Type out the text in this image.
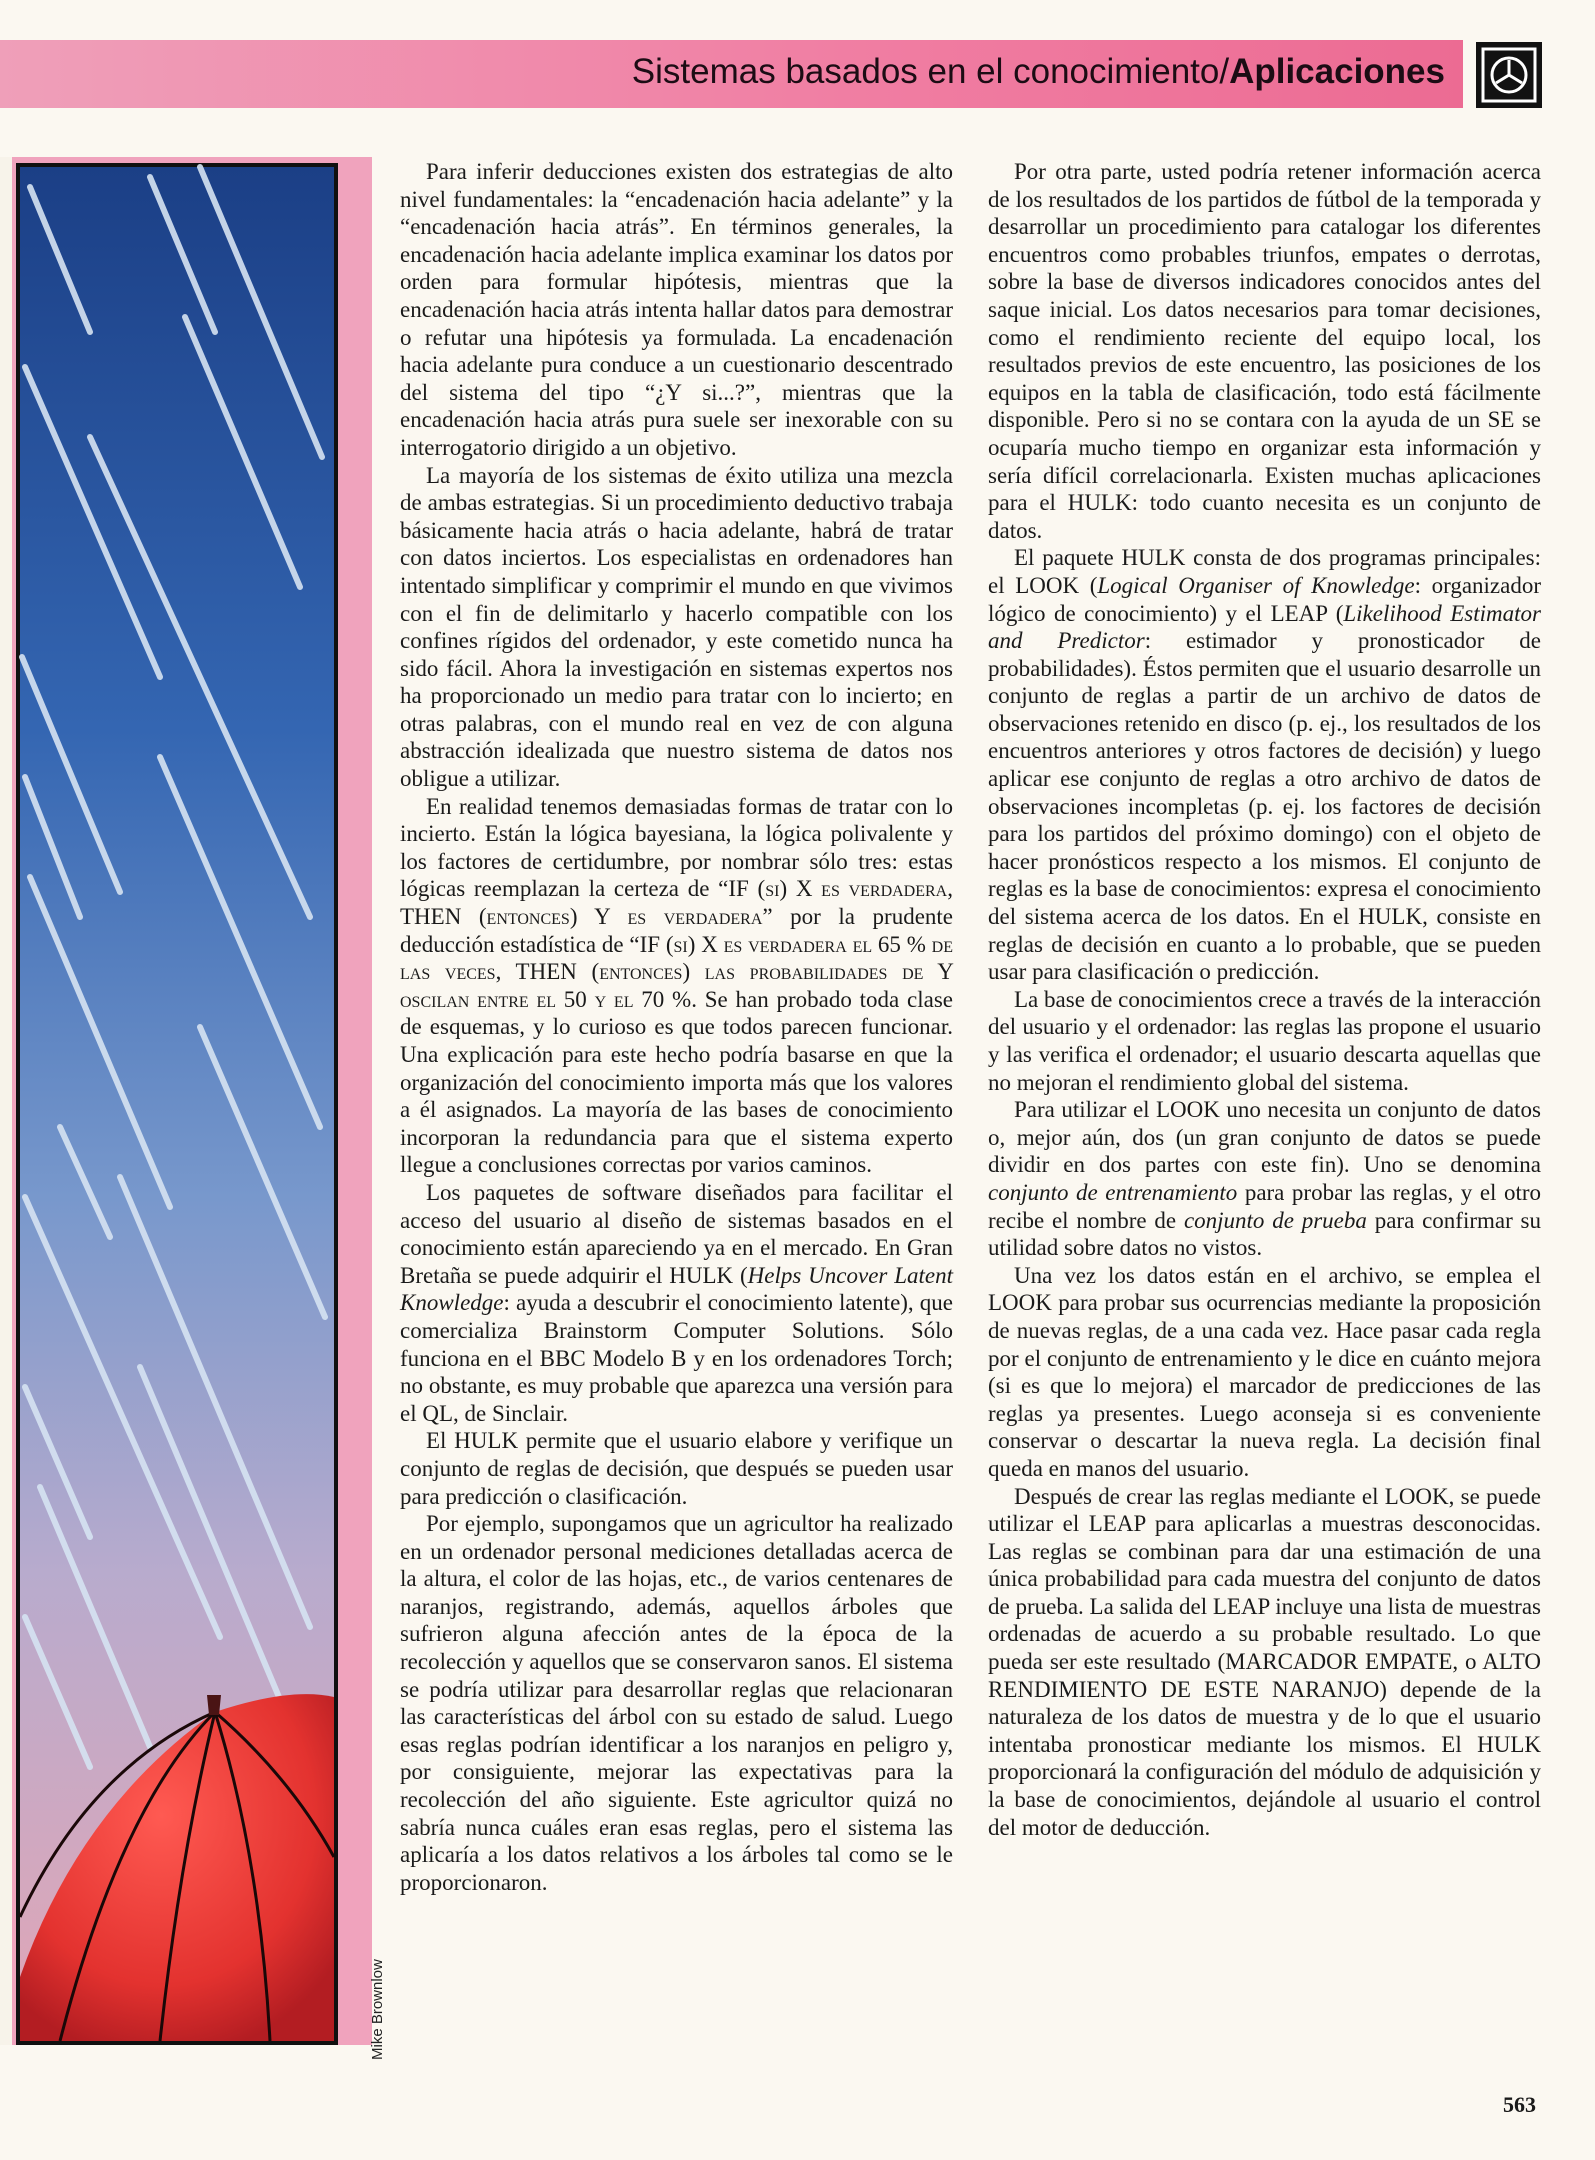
Sistemas basados en el conocimiento/Aplicaciones
Mike Brownlow

Para inferir deducciones existen dos estrategias de alto nivel fundamentales: la “encadenación hacia adelante” y la “encadenación hacia atrás”. En términos generales, la encadenación hacia adelante implica examinar los datos por orden para formular hipótesis, mientras que la encadenación hacia atrás intenta hallar datos para demostrar o refutar una hipótesis ya formulada. La encadenación hacia adelante pura conduce a un cuestionario descentrado del sistema del tipo “¿Y si...?”, mientras que la encadenación hacia atrás pura suele ser inexorable con su interrogatorio dirigido a un objetivo.

La mayoría de los sistemas de éxito utiliza una mezcla de ambas estrategias. Si un procedimiento deductivo trabaja básicamente hacia atrás o hacia adelante, habrá de tratar con datos inciertos. Los especialistas en ordenadores han intentado simplificar y comprimir el mundo en que vivimos con el fin de delimitarlo y hacerlo compatible con los confines rígidos del ordenador, y este cometido nunca ha sido fácil. Ahora la investigación en sistemas expertos nos ha proporcionado un medio para tratar con lo incierto; en otras palabras, con el mundo real en vez de con alguna abstracción idealizada que nuestro sistema de datos nos obligue a utilizar.

En realidad tenemos demasiadas formas de tratar con lo incierto. Están la lógica bayesiana, la lógica polivalente y los factores de certidumbre, por nombrar sólo tres: estas lógicas reemplazan la certeza de “IF (si) X es verdadera, THEN (entonces) Y es verdadera” por la prudente deducción estadística de “IF (si) X es verdadera el 65 % de las veces, THEN (entonces) las probabilidades de Y oscilan entre el 50 y el 70 %. Se han probado toda clase de esquemas, y lo curioso es que todos parecen funcionar. Una explicación para este hecho podría basarse en que la organización del conocimiento importa más que los valores a él asignados. La mayoría de las bases de conocimiento incorporan la redundancia para que el sistema experto llegue a conclusiones correctas por varios caminos.

Los paquetes de software diseñados para facilitar el acceso del usuario al diseño de sistemas basados en el conocimiento están apareciendo ya en el mercado. En Gran Bretaña se puede adquirir el HULK (Helps Uncover Latent Knowledge: ayuda a descubrir el conocimiento latente), que comercializa Brainstorm Computer Solutions. Sólo funciona en el BBC Modelo B y en los ordenadores Torch; no obstante, es muy probable que aparezca una versión para el QL, de Sinclair.

El HULK permite que el usuario elabore y verifique un conjunto de reglas de decisión, que después se pueden usar para predicción o clasificación.

Por ejemplo, supongamos que un agricultor ha realizado en un ordenador personal mediciones detalladas acerca de la altura, el color de las hojas, etc., de varios centenares de naranjos, registrando, además, aquellos árboles que sufrieron alguna afección antes de la época de la recolección y aquellos que se conservaron sanos. El sistema se podría utilizar para desarrollar reglas que relacionaran las características del árbol con su estado de salud. Luego esas reglas podrían identificar a los naranjos en peligro y, por consiguiente, mejorar las expectativas para la recolección del año siguiente. Este agricultor quizá no sabría nunca cuáles eran esas reglas, pero el sistema las aplicaría a los datos relativos a los árboles tal como se le proporcionaron.

Por otra parte, usted podría retener información acerca de los resultados de los partidos de fútbol de la temporada y desarrollar un procedimiento para catalogar los diferentes encuentros como probables triunfos, empates o derrotas, sobre la base de diversos indicadores conocidos antes del saque inicial. Los datos necesarios para tomar decisiones, como el rendimiento reciente del equipo local, los resultados previos de este encuentro, las posiciones de los equipos en la tabla de clasificación, todo está fácilmente disponible. Pero si no se contara con la ayuda de un SE se ocuparía mucho tiempo en organizar esta información y sería difícil correlacionarla. Existen muchas aplicaciones para el HULK: todo cuanto necesita es un conjunto de datos.

El paquete HULK consta de dos programas principales: el LOOK (Logical Organiser of Knowledge: organizador lógico de conocimiento) y el LEAP (Likelihood Estimator and Predictor: estimador y pronosticador de probabilidades). Éstos permiten que el usuario desarrolle un conjunto de reglas a partir de un archivo de datos de observaciones retenido en disco (p. ej., los resultados de los encuentros anteriores y otros factores de decisión) y luego aplicar ese conjunto de reglas a otro archivo de datos de observaciones incompletas (p. ej. los factores de decisión para los partidos del próximo domingo) con el objeto de hacer pronósticos respecto a los mismos. El conjunto de reglas es la base de conocimientos: expresa el conocimiento del sistema acerca de los datos. En el HULK, consiste en reglas de decisión en cuanto a lo probable, que se pueden usar para clasificación o predicción.

La base de conocimientos crece a través de la interacción del usuario y el ordenador: las reglas las propone el usuario y las verifica el ordenador; el usuario descarta aquellas que no mejoran el rendimiento global del sistema.

Para utilizar el LOOK uno necesita un conjunto de datos o, mejor aún, dos (un gran conjunto de datos se puede dividir en dos partes con este fin). Uno se denomina conjunto de entrenamiento para probar las reglas, y el otro recibe el nombre de conjunto de prueba para confirmar su utilidad sobre datos no vistos.

Una vez los datos están en el archivo, se emplea el LOOK para probar sus ocurrencias mediante la proposición de nuevas reglas, de a una cada vez. Hace pasar cada regla por el conjunto de entrenamiento y le dice en cuánto mejora (si es que lo mejora) el marcador de predicciones de las reglas ya presentes. Luego aconseja si es conveniente conservar o descartar la nueva regla. La decisión final queda en manos del usuario.

Después de crear las reglas mediante el LOOK, se puede utilizar el LEAP para aplicarlas a muestras desconocidas. Las reglas se combinan para dar una estimación de una única probabilidad para cada muestra del conjunto de datos de prueba. La salida del LEAP incluye una lista de muestras ordenadas de acuerdo a su probable resultado. Lo que pueda ser este resultado (MARCADOR EMPATE, o ALTO RENDIMIENTO DE ESTE NARANJO) depende de la naturaleza de los datos de muestra y de lo que el usuario intentaba pronosticar mediante los mismos. El HULK proporcionará la configuración del módulo de adquisición y la base de conocimientos, dejándole al usuario el control del motor de deducción.

563
